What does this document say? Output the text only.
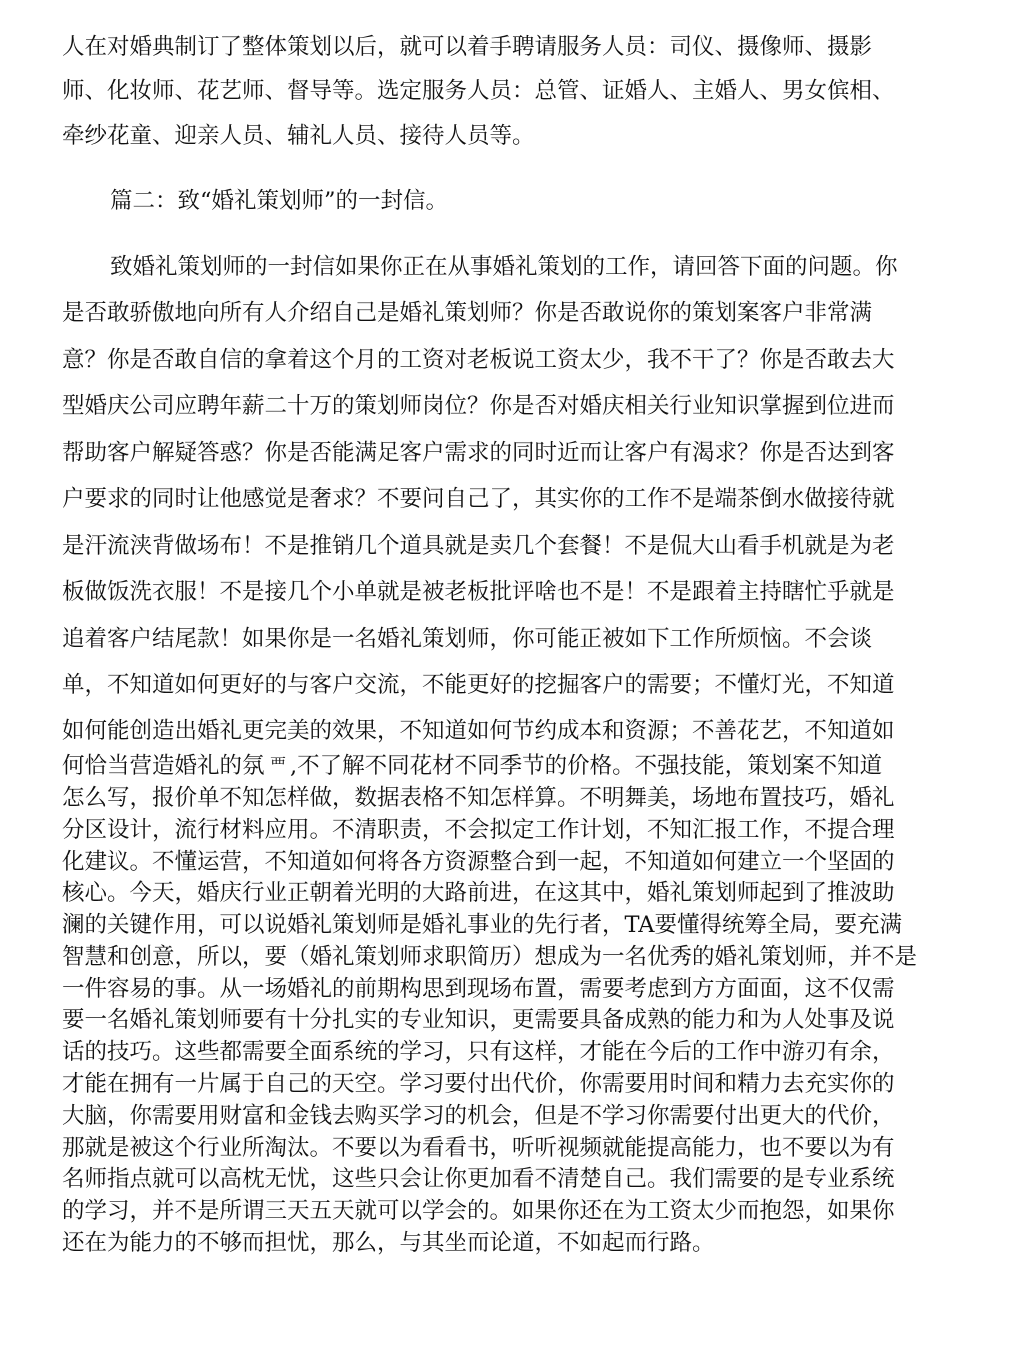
人在对婚典制订了整体策划以后，就可以着手聘请服务人员：司仪、摄像师、摄影
师、化妆师、花艺师、督导等。选定服务人员：总管、证婚人、主婚人、男女傧相、
牵纱花童、迎亲人员、辅礼人员、接待人员等。
篇二：致“婚礼策划师”的一封信。
致婚礼策划师的一封信如果你正在从事婚礼策划的工作，请回答下面的问题。你
是否敢骄傲地向所有人介绍自己是婚礼策划师？你是否敢说你的策划案客户非常满
意？你是否敢自信的拿着这个月的工资对老板说工资太少，我不干了？你是否敢去大
型婚庆公司应聘年薪二十万的策划师岗位？你是否对婚庆相关行业知识掌握到位进而
帮助客户解疑答惑？你是否能满足客户需求的同时近而让客户有渴求？你是否达到客
户要求的同时让他感觉是奢求？不要问自己了，其实你的工作不是端茶倒水做接待就
是汗流浃背做场布！不是推销几个道具就是卖几个套餐！不是侃大山看手机就是为老
板做饭洗衣服！不是接几个小单就是被老板批评啥也不是！不是跟着主持瞎忙乎就是
追着客户结尾款！如果你是一名婚礼策划师，你可能正被如下工作所烦恼。不会谈
单，不知道如何更好的与客户交流，不能更好的挖掘客户的需要；不懂灯光，不知道
如何能创造出婚礼更完美的效果，不知道如何节约成本和资源；不善花艺，不知道如
何恰当营造婚礼的氛 覀 ,不了解不同花材不同季节的价格。不强技能，策划案不知道
怎么写，报价单不知怎样做，数据表格不知怎样算。不明舞美，场地布置技巧，婚礼
分区设计，流行材料应用。不清职责，不会拟定工作计划，不知汇报工作，不提合理
化建议。不懂运营，不知道如何将各方资源整合到一起，不知道如何建立一个坚固的
核心。今天，婚庆行业正朝着光明的大路前进，在这其中，婚礼策划师起到了推波助
澜的关键作用，可以说婚礼策划师是婚礼事业的先行者，TA要懂得统筹全局，要充满
智慧和创意，所以，要（婚礼策划师求职简历）想成为一名优秀的婚礼策划师，并不是
一件容易的事。从一场婚礼的前期构思到现场布置，需要考虑到方方面面，这不仅需
要一名婚礼策划师要有十分扎实的专业知识，更需要具备成熟的能力和为人处事及说
话的技巧。这些都需要全面系统的学习，只有这样，才能在今后的工作中游刃有余，
才能在拥有一片属于自己的天空。学习要付出代价，你需要用时间和精力去充实你的
大脑，你需要用财富和金钱去购买学习的机会，但是不学习你需要付出更大的代价，
那就是被这个行业所淘汰。不要以为看看书，听听视频就能提高能力，也不要以为有
名师指点就可以高枕无忧，这些只会让你更加看不清楚自己。我们需要的是专业系统
的学习，并不是所谓三天五天就可以学会的。如果你还在为工资太少而抱怨，如果你
还在为能力的不够而担忧，那么，与其坐而论道，不如起而行路。
